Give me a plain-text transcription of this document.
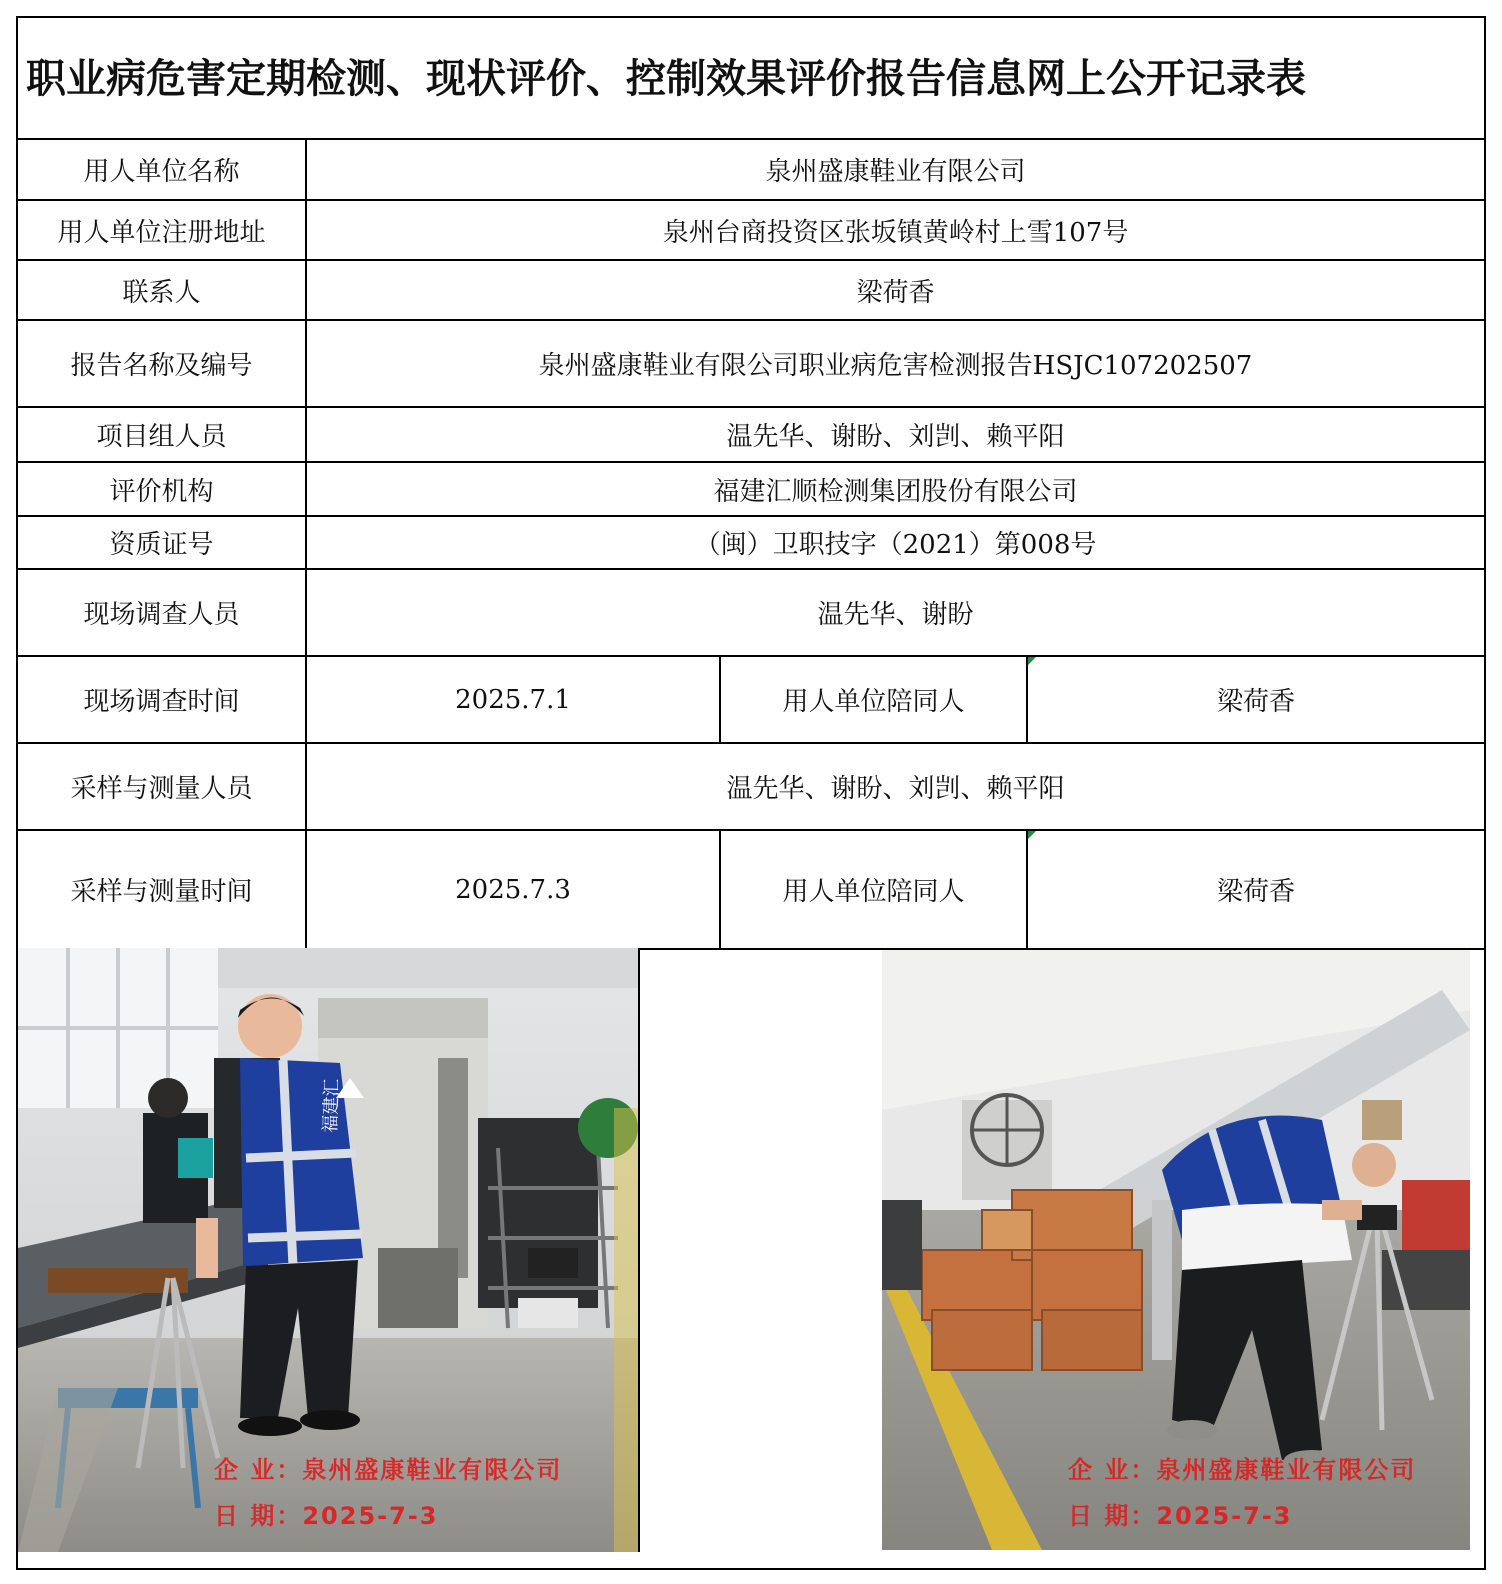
职业病危害定期检测、现状评价、控制效果评价报告信息网上公开记录表
用人单位名称	泉州盛康鞋业有限公司		
用人单位注册地址	泉州台商投资区张坂镇黄岭村上雪107号		
联系人	梁荷香		
报告名称及编号	泉州盛康鞋业有限公司职业病危害检测报告HSJC107202507		
项目组人员	温先华、谢盼、刘剀、赖平阳		
评价机构	福建汇顺检测集团股份有限公司		
资质证号	（闽）卫职技字（2021）第008号		
现场调查人员	温先华、谢盼		
现场调查时间	2025.7.1	用人单位陪同人	梁荷香
采样与测量人员	温先华、谢盼、刘剀、赖平阳		
采样与测量时间	2025.7.3	用人单位陪同人	梁荷香
福建汇
企 业：泉州盛康鞋业有限公司
日 期：2025-7-3
企 业：泉州盛康鞋业有限公司
日 期：2025-7-3
